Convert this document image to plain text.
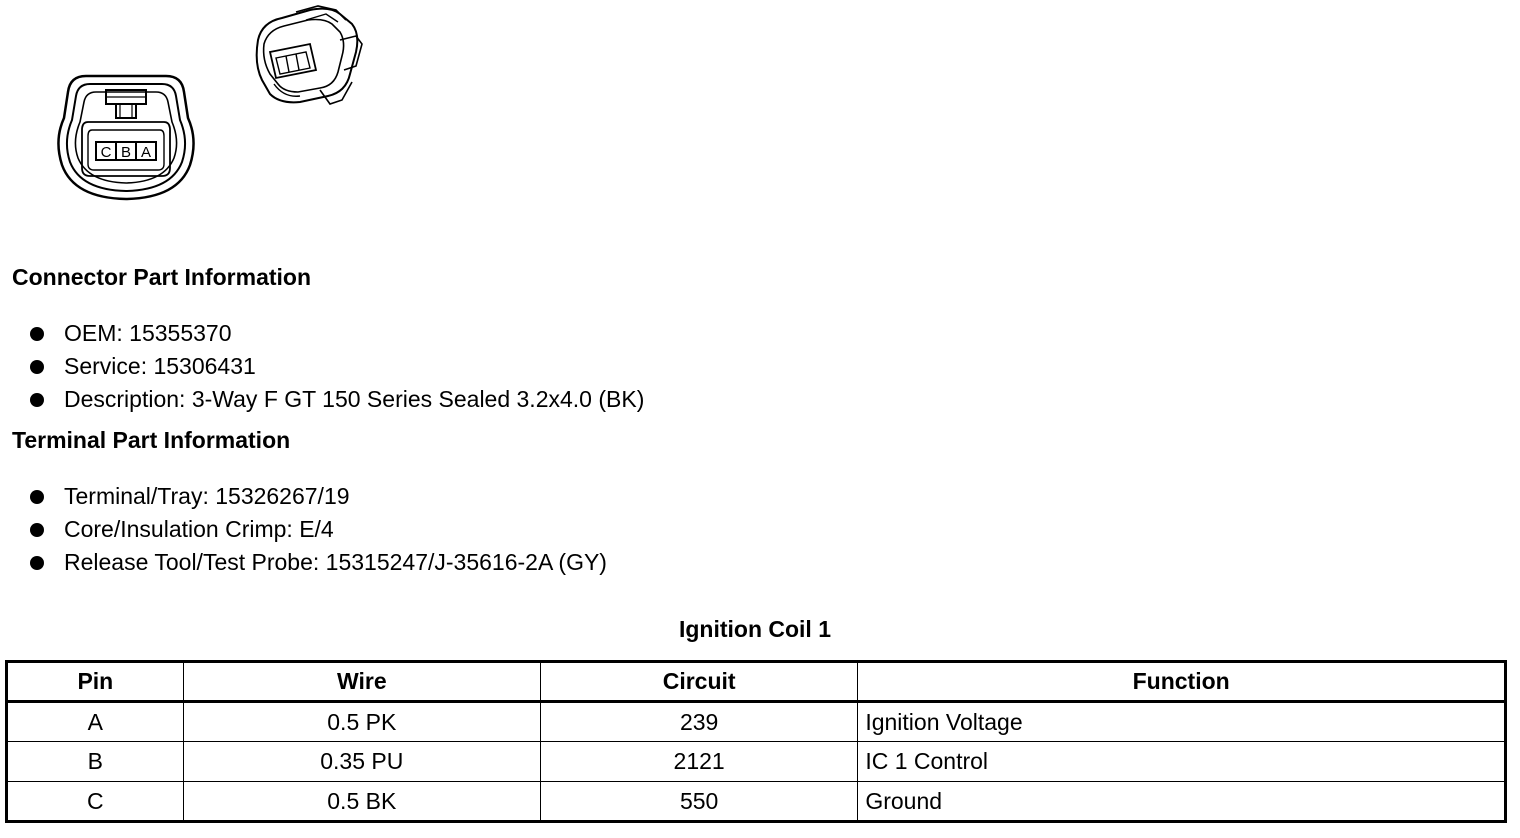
C B A
Connector Part Information
OEM: 15355370
Service: 15306431
Description: 3-Way F GT 150 Series Sealed 3.2x4.0 (BK)
Terminal Part Information
Terminal/Tray: 15326267/19
Core/Insulation Crimp: E/4
Release Tool/Test Probe: 15315247/J-35616-2A (GY)
Ignition Coil 1
Pin	Wire	Circuit	Function
A	0.5 PK	239	Ignition Voltage
B	0.35 PU	2121	IC 1 Control
C	0.5 BK	550	Ground
